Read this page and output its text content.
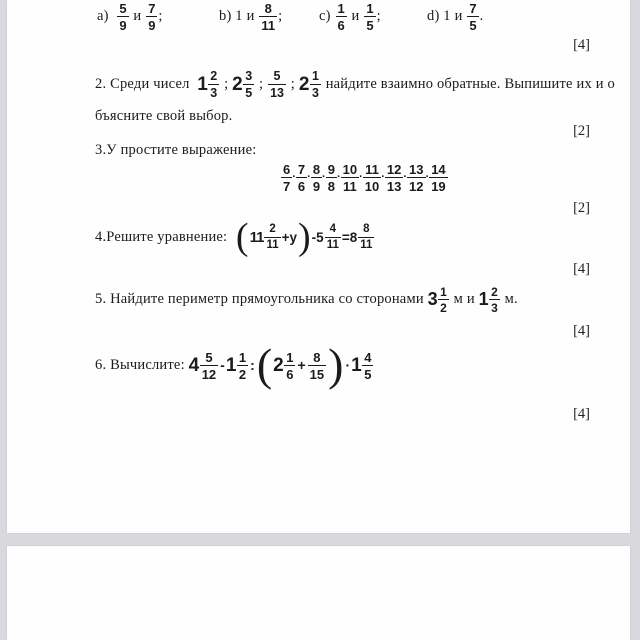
$a) \frac{5}{9}$ и $\frac{7}{9}$ ;	b) 1 и $\frac{8}{11}$ ;	$c) \frac{1}{6}$ и $\frac{1}{5}$ ;	d) 1 и $\frac{7}{5}$ .
[4]
2. Среди чисел $1 \frac{2}{3}$ ; $2 \frac{3}{5}$ ; $\frac{5}{13}$ ; $2 \frac{1}{3}$ найдите взаимно обратные. Выпишите их и о
бъясните свой выбор.
[2]
3.У простите выражение:
$\frac{6}{7} \cdot \frac{7}{6} \cdot \frac{8}{9} \cdot \frac{9}{8} \cdot \frac{10}{11} \cdot \frac{11}{10} \cdot \frac{12}{13} \cdot \frac{13}{12} \cdot \frac{14}{19}$
[2]
4.Решите уравнение: ( $11 \frac{2}{11} +y$ ) $-5 \frac{4}{11} =8 \frac{8}{11}$
[4]
5. Найдите периметр прямоугольника со сторонами $3 \frac{1}{2}$ м и $1 \frac{2}{3} м$.
[4]
6. Вычислите: $4 \frac{5}{12} - 1 \frac{1}{2}$ : ( $2 \frac{1}{6} + \frac{8}{15}$ ) · $1 \frac{4}{5}$
[4]
